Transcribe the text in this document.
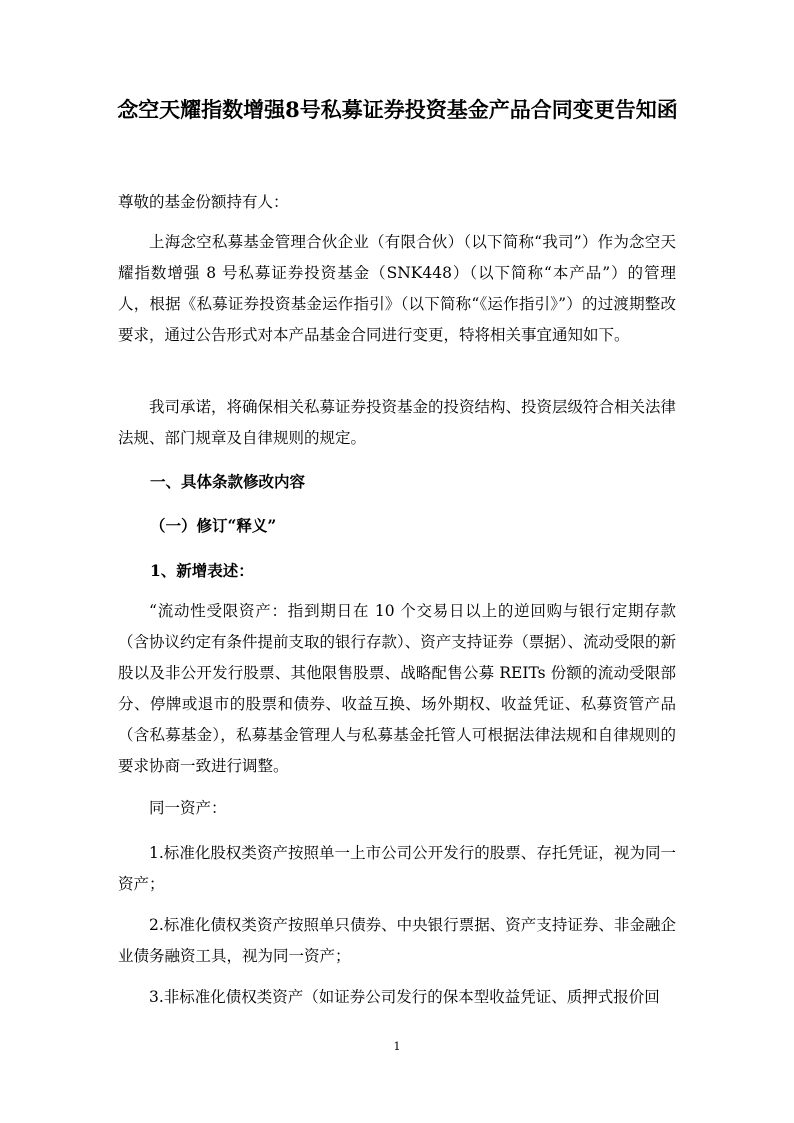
念空天耀指数增强8号私募证券投资基金产品合同变更告知函

尊敬的基金份额持有人：

上海念空私募基金管理合伙企业（有限合伙）（以下简称“我司”）作为念空天耀指数增强 8 号私募证券投资基金（SNK448）（以下简称“本产品”）的管理人，根据《私募证券投资基金运作指引》（以下简称“《运作指引》”）的过渡期整改要求，通过公告形式对本产品基金合同进行变更，特将相关事宜通知如下。

我司承诺，将确保相关私募证券投资基金的投资结构、投资层级符合相关法律法规、部门规章及自律规则的规定。

一、具体条款修改内容

（一）修订“释义”

1、新增表述：

“流动性受限资产：指到期日在 10 个交易日以上的逆回购与银行定期存款（含协议约定有条件提前支取的银行存款）、资产支持证券（票据）、流动受限的新股以及非公开发行股票、其他限售股票、战略配售公募 REITs 份额的流动受限部分、停牌或退市的股票和债券、收益互换、场外期权、收益凭证、私募资管产品（含私募基金），私募基金管理人与私募基金托管人可根据法律法规和自律规则的要求协商一致进行调整。

同一资产：

1.标准化股权类资产按照单一上市公司公开发行的股票、存托凭证，视为同一资产；

2.标准化债权类资产按照单只债券、中央银行票据、资产支持证券、非金融企业债务融资工具，视为同一资产；

3.非标准化债权类资产（如证券公司发行的保本型收益凭证、质押式报价回

1
